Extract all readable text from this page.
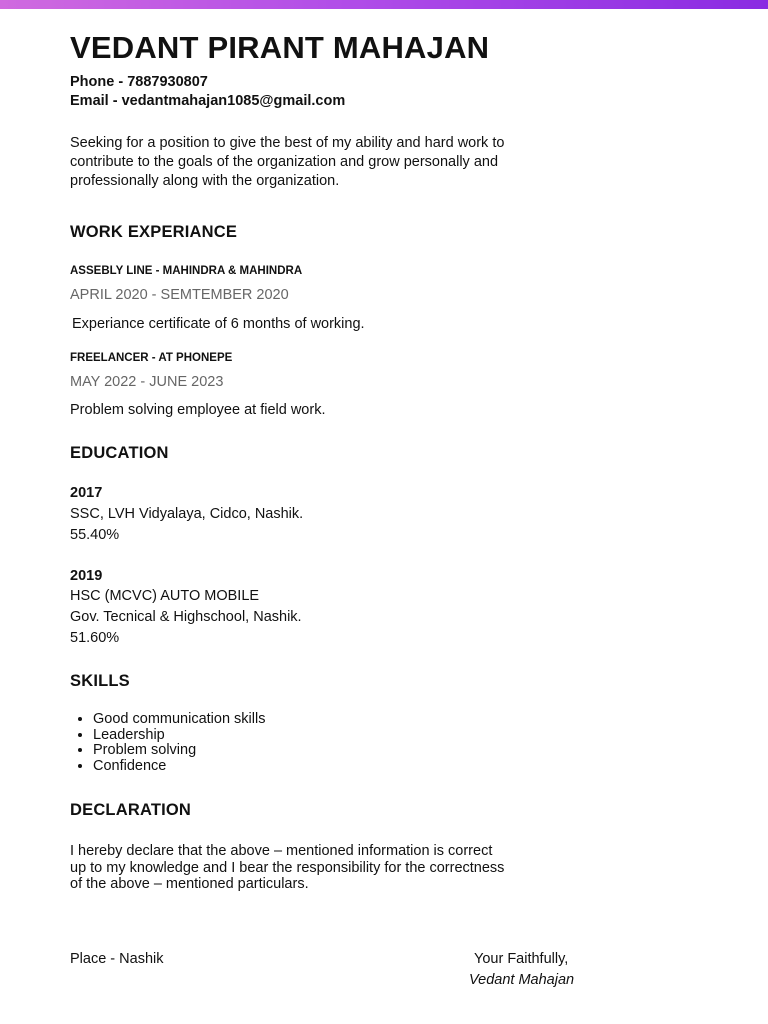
VEDANT PIRANT MAHAJAN
Phone - 7887930807
Email - vedantmahajan1085@gmail.com

Seeking for a position to give the best of my ability and hard work to contribute to the goals of the organization and grow personally and professionally along with the organization.

WORK EXPERIANCE
ASSEBLY LINE - MAHINDRA & MAHINDRA
APRIL 2020 - SEMTEMBER 2020
Experiance certificate of 6 months of working.
FREELANCER - AT PHONEPE
MAY 2022 - JUNE 2023
Problem solving employee at field work.
EDUCATION
2017
SSC, LVH Vidyalaya, Cidco, Nashik.
55.40%
2019
HSC (MCVC) AUTO MOBILE
Gov. Tecnical & Highschool, Nashik.
51.60%
SKILLS
• Good communication skills
• Leadership
• Problem solving
• Confidence
DECLARATION

I hereby declare that the above – mentioned information is correct up to my knowledge and I bear the responsibility for the correctness of the above – mentioned particulars.

Place - Nashik	Your Faithfully,
Vedant Mahajan
